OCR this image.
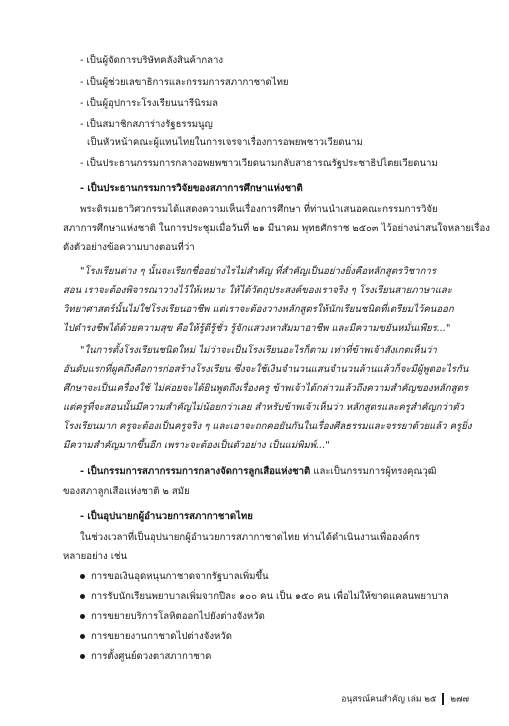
- เป็นผู้จัดการบริษัทคลังสินค้ากลาง
- เป็นผู้ช่วยเลขาธิการและกรรมการสภากาชาดไทย
- เป็นผู้อุปการะโรงเรียนนารีนิรมล
- เป็นสมาชิกสภาร่างรัฐธรรมนูญ
เป็นหัวหน้าคณะผู้แทนไทยในการเจรจาเรื่องการอพยพชาวเวียดนาม
- เป็นประธานกรรมการกลางอพยพชาวเวียดนามกลับสาธารณรัฐประชาธิปไตยเวียดนาม
- เป็นประธานกรรมการวิจัยของสภาการศึกษาแห่งชาติ
พระดิรเมธาวิศวกรรมได้แสดงความเห็นเรื่องการศึกษา ที่ท่านนำเสนอคณะกรรมการวิจัย
สภาการศึกษาแห่งชาติ ในการประชุมเมื่อวันที่ ๒๑ มีนาคม พุทธศักราช ๒๕๐๓ ไว้อย่างน่าสนใจหลายเรื่อง
ดังตัวอย่างข้อความบางตอนที่ว่า
"โรงเรียนต่าง ๆ นั้นจะเรียกชื่ออย่างไรไม่สำคัญ ที่สำคัญเป็นอย่างยิ่งคือหลักสูตรวิชาการ
สอน เราจะต้องพิจารณาวางไว้ให้เหมาะ ให้ได้วัตถุประสงค์ของเราจริง ๆ โรงเรียนสายภาษาและ
วิทยาศาสตร์นั้นไม่ใช่โรงเรียนอาชีพ แต่เราจะต้องวางหลักสูตรให้นักเรียนชนิดที่เตรียมไว้คนออก
ไปดำรงชีพได้ด้วยความสุข คือให้รู้ดีรู้ชั่ว รู้จักแสวงหาสัมมาอาชีพ และมีความขยันหมั่นเพียร..."
"ในการตั้งโรงเรียนชนิดใหม่ ไม่ว่าจะเป็นโรงเรียนอะไรก็ตาม เท่าที่ข้าพเจ้าสังเกตเห็นว่า
อันดับแรกที่ผูคถึงคือการก่อสร้างโรงเรียน ซึ่งจะใช้เงินจำนวนแสนจำนวนล้านแล้วก็จะมีผู้พูดอะไรกัน
ศึกษาจะเป็นเครื่องใช้ ไม่ค่อยจะได้ยินพูดถึงเรื่องครู ข้าพเจ้าได้กล่าวแล้วถึงความสำคัญของหลักสูตร
แต่ครูที่จะสอนนั้นมีความสำคัญไม่น้อยกว่าเลย สำหรับข้าพเจ้าเห็นว่า หลักสูตรและครูสำคัญกว่าตัว
โรงเรียนมาก ครูจะต้องเป็นครูจริง ๆ และเอาจะถกคอยันกันในเรื่องศีลธรรมและจรรยาด้วยแล้ว ครูยิ่ง
มีความสำคัญมากขึ้นอีก เพราะจะต้องเป็นตัวอย่าง เป็นแม่พิมพ์..."
- เป็นกรรมการสภากรรมการกลางจัดการลูกเสือแห่งชาติ และเป็นกรรมการผู้ทรงคุณวุฒิ
ของสภาลูกเสือแห่งชาติ ๒ สมัย
- เป็นอุปนายกผู้อำนวยการสภากาชาดไทย
ในช่วงเวลาที่เป็นอุปนายกผู้อำนวยการสภากาชาดไทย ท่านได้ดำเนินงานเพื่อองค์กร
หลายอย่าง เช่น
การขอเงินอุดหนุนกาชาดจากรัฐบาลเพิ่มขึ้น
การรับนักเรียนพยาบาลเพิ่มจากปีละ ๑๐๐ คน เป็น ๑๕๐ คน เพื่อไม่ให้ขาดแคลนพยาบาล
การขยายบริการโลหิตออกไปยังต่างจังหวัด
การขยายงานกาชาดไปต่างจังหวัด
การตั้งศูนย์ดวงตาสภากาชาด
อนุสรณ์คนสำคัญ เล่ม ๒๕ ๒๗๗
